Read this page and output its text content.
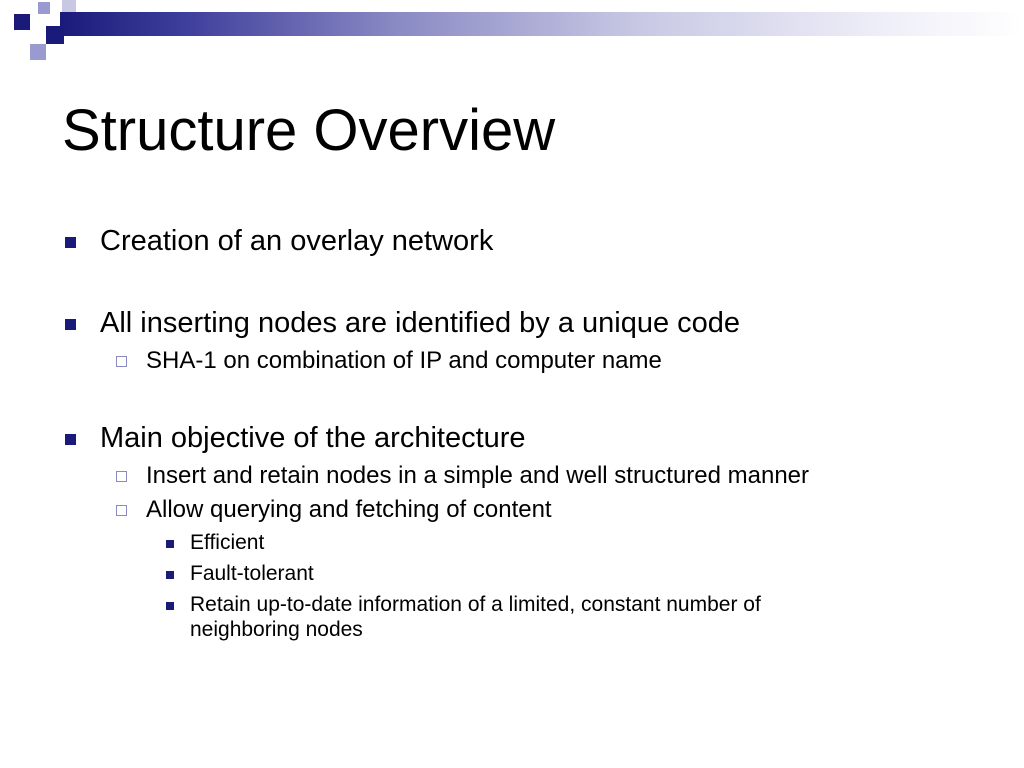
Structure Overview
Creation of an overlay network
All inserting nodes are identified by a unique code
SHA-1 on combination of IP and computer name
Main objective of the architecture
Insert and retain nodes in a simple and well structured manner
Allow querying and fetching of content
Efficient
Fault-tolerant
Retain up-to-date information of a limited, constant number of
neighboring nodes
